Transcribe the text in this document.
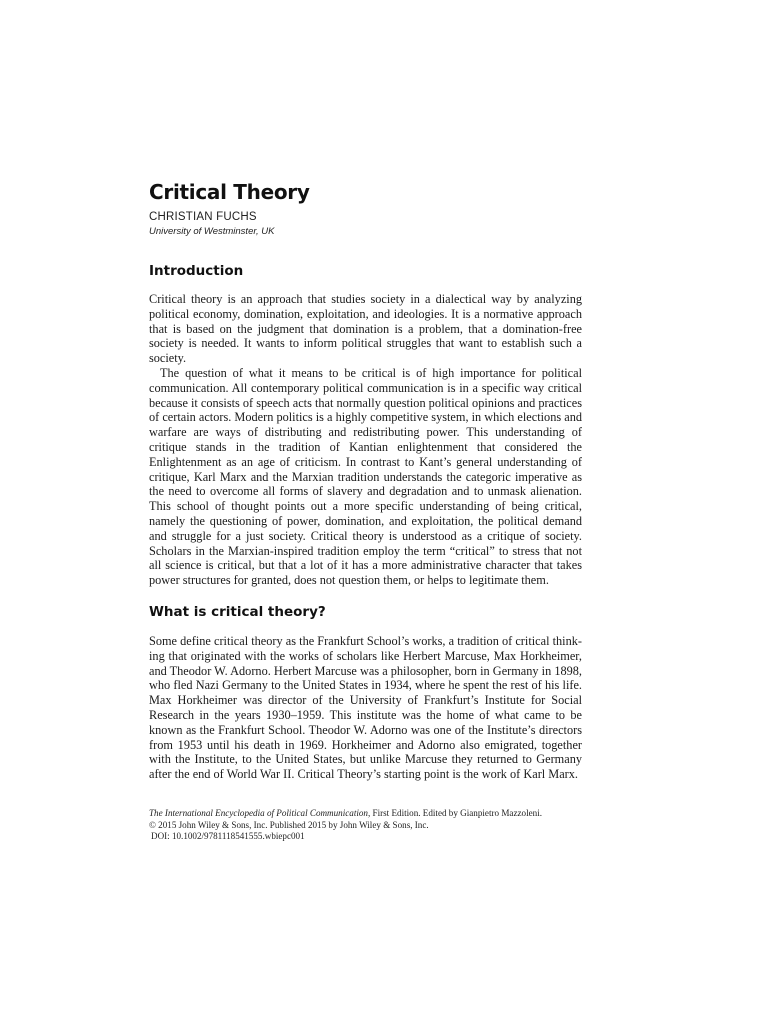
Critical Theory
CHRISTIAN FUCHS
University of Westminster, UK
Introduction

Critical theory is an approach that studies society in a dialectical way by analyzing political economy, domination, exploitation, and ideologies. It is a normative approach that is based on the judgment that domination is a problem, that a domination-free society is needed. It wants to inform political struggles that want to establish such a society.

The question of what it means to be critical is of high importance for political communication. All contemporary political communication is in a specific way critical because it consists of speech acts that normally question political opinions and practices of certain actors. Modern politics is a highly competitive system, in which elections and warfare are ways of distributing and redistributing power. This understanding of critique stands in the tradition of Kantian enlightenment that considered the Enlightenment as an age of criticism. In contrast to Kant’s general understanding of critique, Karl Marx and the Marxian tradition understands the categoric imperative as the need to overcome all forms of slavery and degradation and to unmask alienation. This school of thought points out a more specific understanding of being critical, namely the questioning of power, domination, and exploitation, the political demand and struggle for a just society. Critical theory is understood as a critique of society. Scholars in the Marxian-inspired tradition employ the term “critical” to stress that not all science is critical, but that a lot of it has a more administrative character that takes power structures for granted, does not question them, or helps to legitimate them.

What is critical theory?

Some define critical theory as the Frankfurt School’s works, a tradition of critical thinking that originated with the works of scholars like Herbert Marcuse, Max Horkheimer, and Theodor W. Adorno. Herbert Marcuse was a philosopher, born in Germany in 1898, who fled Nazi Germany to the United States in 1934, where he spent the rest of his life. Max Horkheimer was director of the University of Frankfurt’s Institute for Social Research in the years 1930–1959. This institute was the home of what came to be known as the Frankfurt School. Theodor W. Adorno was one of the Institute’s directors from 1953 until his death in 1969. Horkheimer and Adorno also emigrated, together with the Institute, to the United States, but unlike Marcuse they returned to Germany after the end of World War II. Critical Theory’s starting point is the work of Karl Marx.

The International Encyclopedia of Political Communication, First Edition. Edited by Gianpietro Mazzoleni.
© 2015 John Wiley & Sons, Inc. Published 2015 by John Wiley & Sons, Inc.
DOI: 10.1002/9781118541555.wbiepc001
